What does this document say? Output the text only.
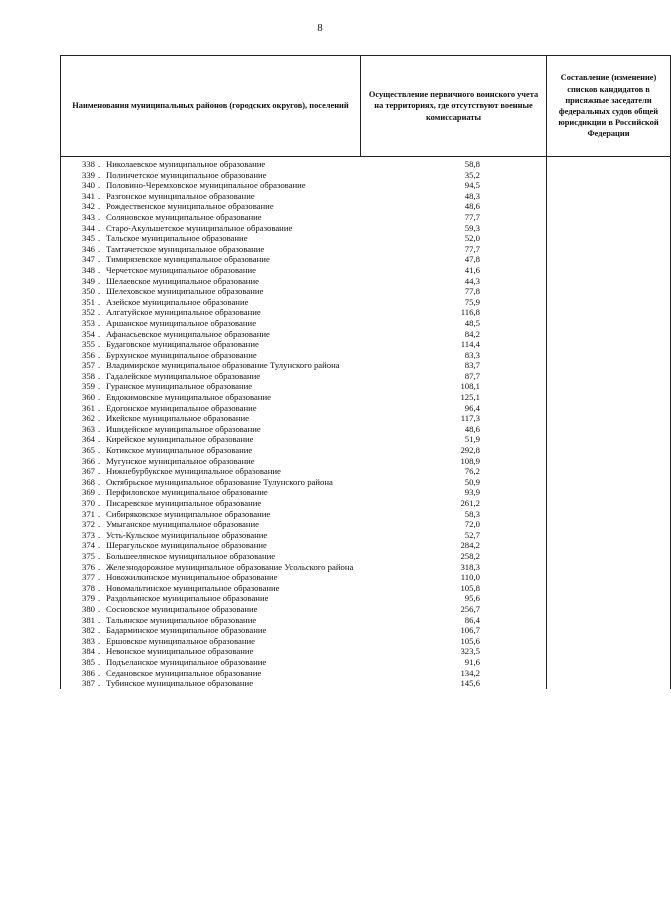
8
Наименования муниципальных районов (городских округов), поселений	Осуществление первичного воинского учета на территориях, где отсутствуют военные комиссариаты	Составление (изменение) списков кандидатов в присяжные заседатели федеральных судов общей юрисдикции в Российской Федерации

338 . Николаевское муниципальное образование	58,8	

339 . Полинчетское муниципальное образование	35,2	

340 . Половино-Черемховское муниципальное образование	94,5	

341 . Разгонское муниципальное образование	48,3	

342 . Рождественское муниципальное образование	48,6	

343 . Соляновское муниципальное образование	77,7	

344 . Старо-Акульшетское муниципальное образование	59,3	

345 . Тальское муниципальное образование	52,0	

346 . Тамтачетское муниципальное образование	77,7	

347 . Тимирязевское муниципальное образование	47,8	

348 . Черчетское муниципальное образование	41,6	

349 . Шелаевское муниципальное образование	44,3	

350 . Шелеховское муниципальное образование	77,8	

351 . Азейское муниципальное образование	75,9	

352 . Алгатуйское муниципальное образование	116,8	

353 . Аршанское муниципальное образование	48,5	

354 . Афанасьевское муниципальное образование	84,2	

355 . Будаговское муниципальное образование	114,4	

356 . Бурхунское муниципальное образование	83,3	

357 . Владимирское муниципальное образование Тулунского района	83,7	

358 . Гадалейское муниципальное образование	87,7	

359 . Гуранское муниципальное образование	108,1	

360 . Евдокимовское муниципальное образование	125,1	

361 . Едогонское муниципальное образование	96,4	

362 . Икейское муниципальное образование	117,3	

363 . Ишидейское муниципальное образование	48,6	

364 . Кирейское муниципальное образование	51,9	

365 . Котикское муниципальное образование	292,8	

366 . Мугунское муниципальное образование	108,9	

367 . Нижнебурбукское муниципальное образование	76,2	

368 . Октябрьское муниципальное образование Тулунского района	50,9	

369 . Перфиловское муниципальное образование	93,9	

370 . Писаревское муниципальное образование	261,2	

371 . Сибиряковское муниципальное образование	58,3	

372 . Умыганское муниципальное образование	72,0	

373 . Усть-Кульское муниципальное образование	52,7	

374 . Шерагульское муниципальное образование	284,2	

375 . Большеелянское муниципальное образование	258,2	

376 . Железнодорожное муниципальное образование Усольского района	318,3	

377 . Новожилкинское муниципальное образование	110,0	

378 . Новомальтинское муниципальное образование	105,8	

379 . Раздольинское муниципальное образование	95,6	

380 . Сосновское муниципальное образование	256,7	

381 . Тальянское муниципальное образование	86,4	

382 . Бадарминское муниципальное образование	106,7	

383 . Ершовское муниципальное образование	105,6	

384 . Невонское муниципальное образование	323,5	

385 . Подъеланское муниципальное образование	91,6	

386 . Седановское муниципальное образование	134,2	

387 . Тубинское муниципальное образование	145,6	
